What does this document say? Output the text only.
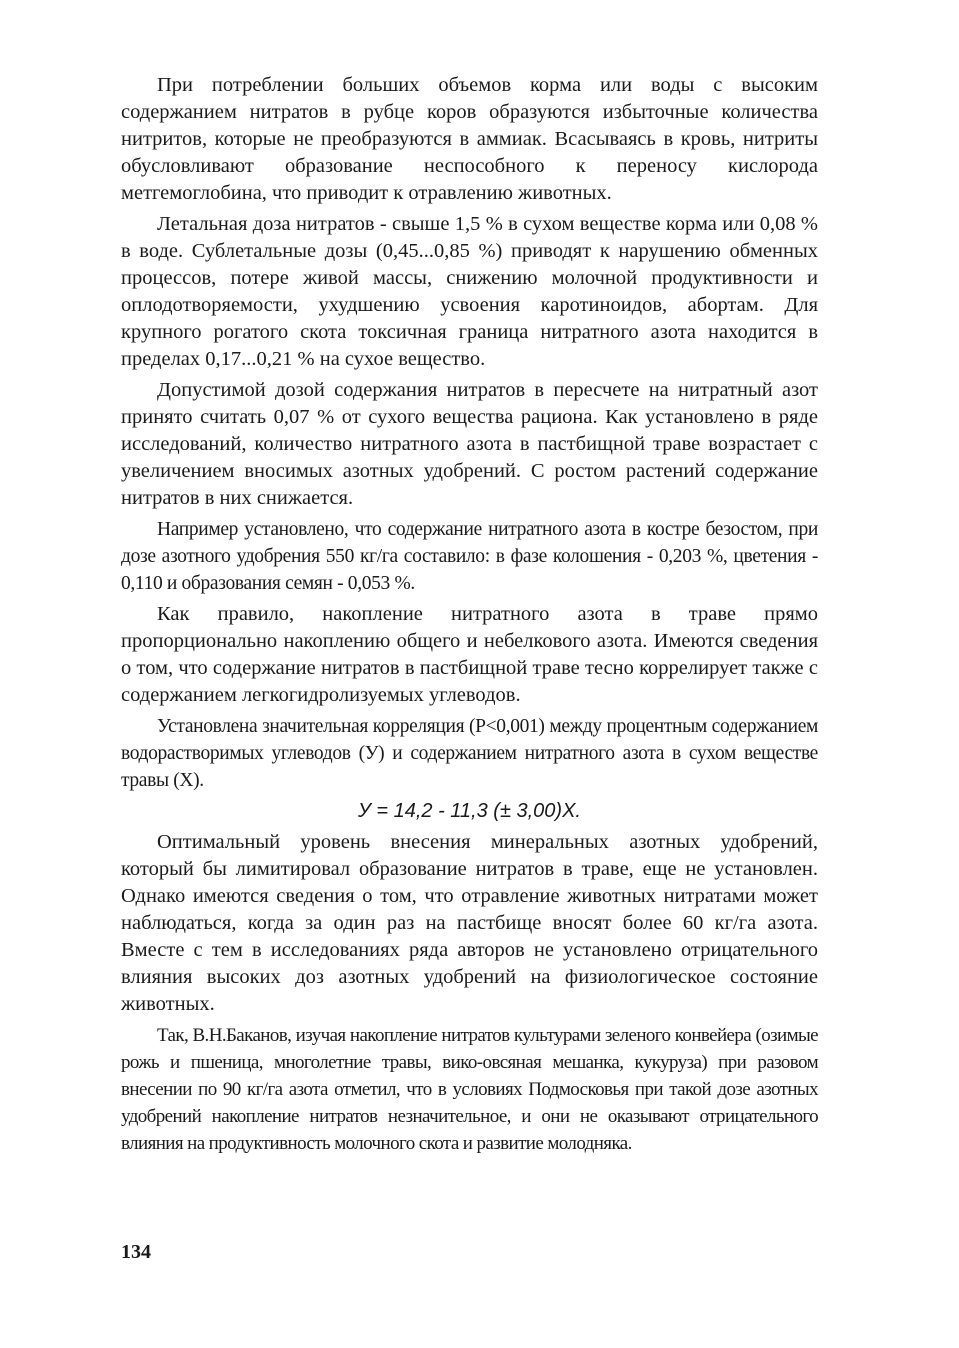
При потреблении больших объемов корма или воды с высоким содержанием нитратов в рубце коров образуются избыточные количества нитритов, которые не преобразуются в аммиак. Всасываясь в кровь, нитриты обусловливают образование неспособного к переносу кислорода метгемоглобина, что приводит к отравлению животных.

Летальная доза нитратов - свыше 1,5 % в сухом веществе корма или 0,08 % в воде. Сублетальные дозы (0,45...0,85 %) приводят к нарушению обменных процессов, потере живой массы, снижению молочной продуктивности и оплодотворяемости, ухудшению усвоения каротиноидов, абортам. Для крупного рогатого скота токсичная граница нитратного азота находится в пределах 0,17...0,21 % на сухое вещество.

Допустимой дозой содержания нитратов в пересчете на нитратный азот принято считать 0,07 % от сухого вещества рациона. Как установлено в ряде исследований, количество нитратного азота в пастбищной траве возрастает с увеличением вносимых азотных удобрений. С ростом растений содержание нитратов в них снижается.

Например установлено, что содержание нитратного азота в костре безостом, при дозе азотного удобрения 550 кг/га составило: в фазе колошения - 0,203 %, цветения - 0,110 и образования семян - 0,053 %.

Как правило, накопление нитратного азота в траве прямо пропорционально накоплению общего и небелкового азота. Имеются сведения о том, что содержание нитратов в пастбищной траве тесно коррелирует также с содержанием легкогидролизуемых углеводов.

Установлена значительная корреляция (P<0,001) между процентным содержанием водорастворимых углеводов (У) и содержанием нитратного азота в сухом веществе травы (Х).

У = 14,2 - 11,3 (± 3,00)Х.

Оптимальный уровень внесения минеральных азотных удобрений, который бы лимитировал образование нитратов в траве, еще не установлен. Однако имеются сведения о том, что отравление животных нитратами может наблюдаться, когда за один раз на пастбище вносят более 60 кг/га азота. Вместе с тем в исследованиях ряда авторов не установлено отрицательного влияния высоких доз азотных удобрений на физиологическое состояние животных.

Так, В.Н.Баканов, изучая накопление нитратов культурами зеленого конвейера (озимые рожь и пшеница, многолетние травы, вико-овсяная мешанка, кукуруза) при разовом внесении по 90 кг/га азота отметил, что в условиях Подмосковья при такой дозе азотных удобрений накопление нитратов незначительное, и они не оказывают отрицательного влияния на продуктивность молочного скота и развитие молодняка.

134
